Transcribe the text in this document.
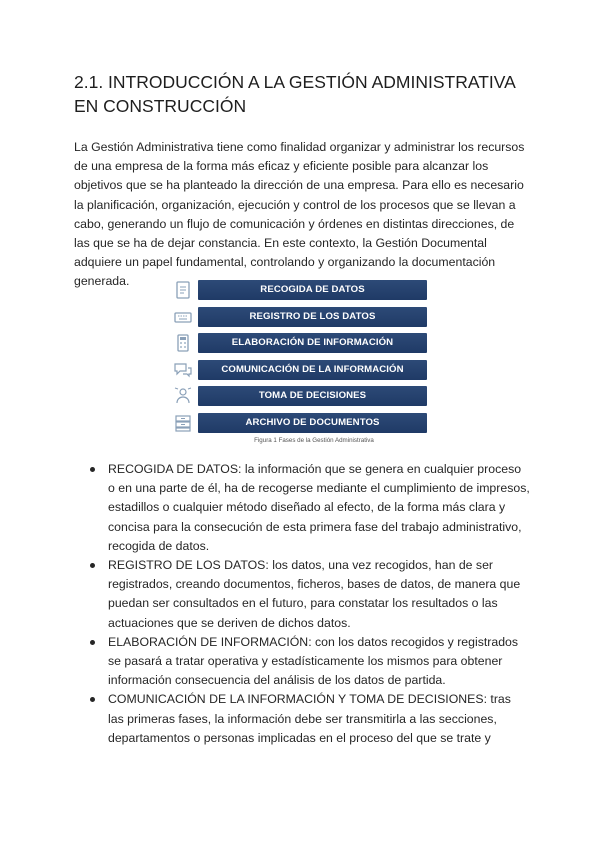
2.1. INTRODUCCIÓN A LA GESTIÓN ADMINISTRATIVA EN CONSTRUCCIÓN

La Gestión Administrativa tiene como finalidad organizar y administrar los recursos de una empresa de la forma más eficaz y eficiente posible para alcanzar los objetivos que se ha planteado la dirección de una empresa. Para ello es necesario la planificación, organización, ejecución y control de los procesos que se llevan a cabo, generando un flujo de comunicación y órdenes en distintas direcciones, de las que se ha de dejar constancia. En este contexto, la Gestión Documental adquiere un papel fundamental, controlando y organizando la documentación generada.

RECOGIDA DE DATOS
REGISTRO DE LOS DATOS
ELABORACIÓN DE INFORMACIÓN
COMUNICACIÓN DE LA INFORMACIÓN
TOMA DE DECISIONES
ARCHIVO DE DOCUMENTOS
Figura 1 Fases de la Gestión Administrativa
RECOGIDA DE DATOS: la información que se genera en cualquier proceso o en una parte de él, ha de recogerse mediante el cumplimiento de impresos, estadillos o cualquier método diseñado al efecto, de la forma más clara y concisa para la consecución de esta primera fase del trabajo administrativo, recogida de datos.
REGISTRO DE LOS DATOS: los datos, una vez recogidos, han de ser registrados, creando documentos, ficheros, bases de datos, de manera que puedan ser consultados en el futuro, para constatar los resultados o las actuaciones que se deriven de dichos datos.
ELABORACIÓN DE INFORMACIÓN: con los datos recogidos y registrados se pasará a tratar operativa y estadísticamente los mismos para obtener información consecuencia del análisis de los datos de partida.
COMUNICACIÓN DE LA INFORMACIÓN Y TOMA DE DECISIONES: tras las primeras fases, la información debe ser transmitirla a las secciones, departamentos o personas implicadas en el proceso del que se trate y
